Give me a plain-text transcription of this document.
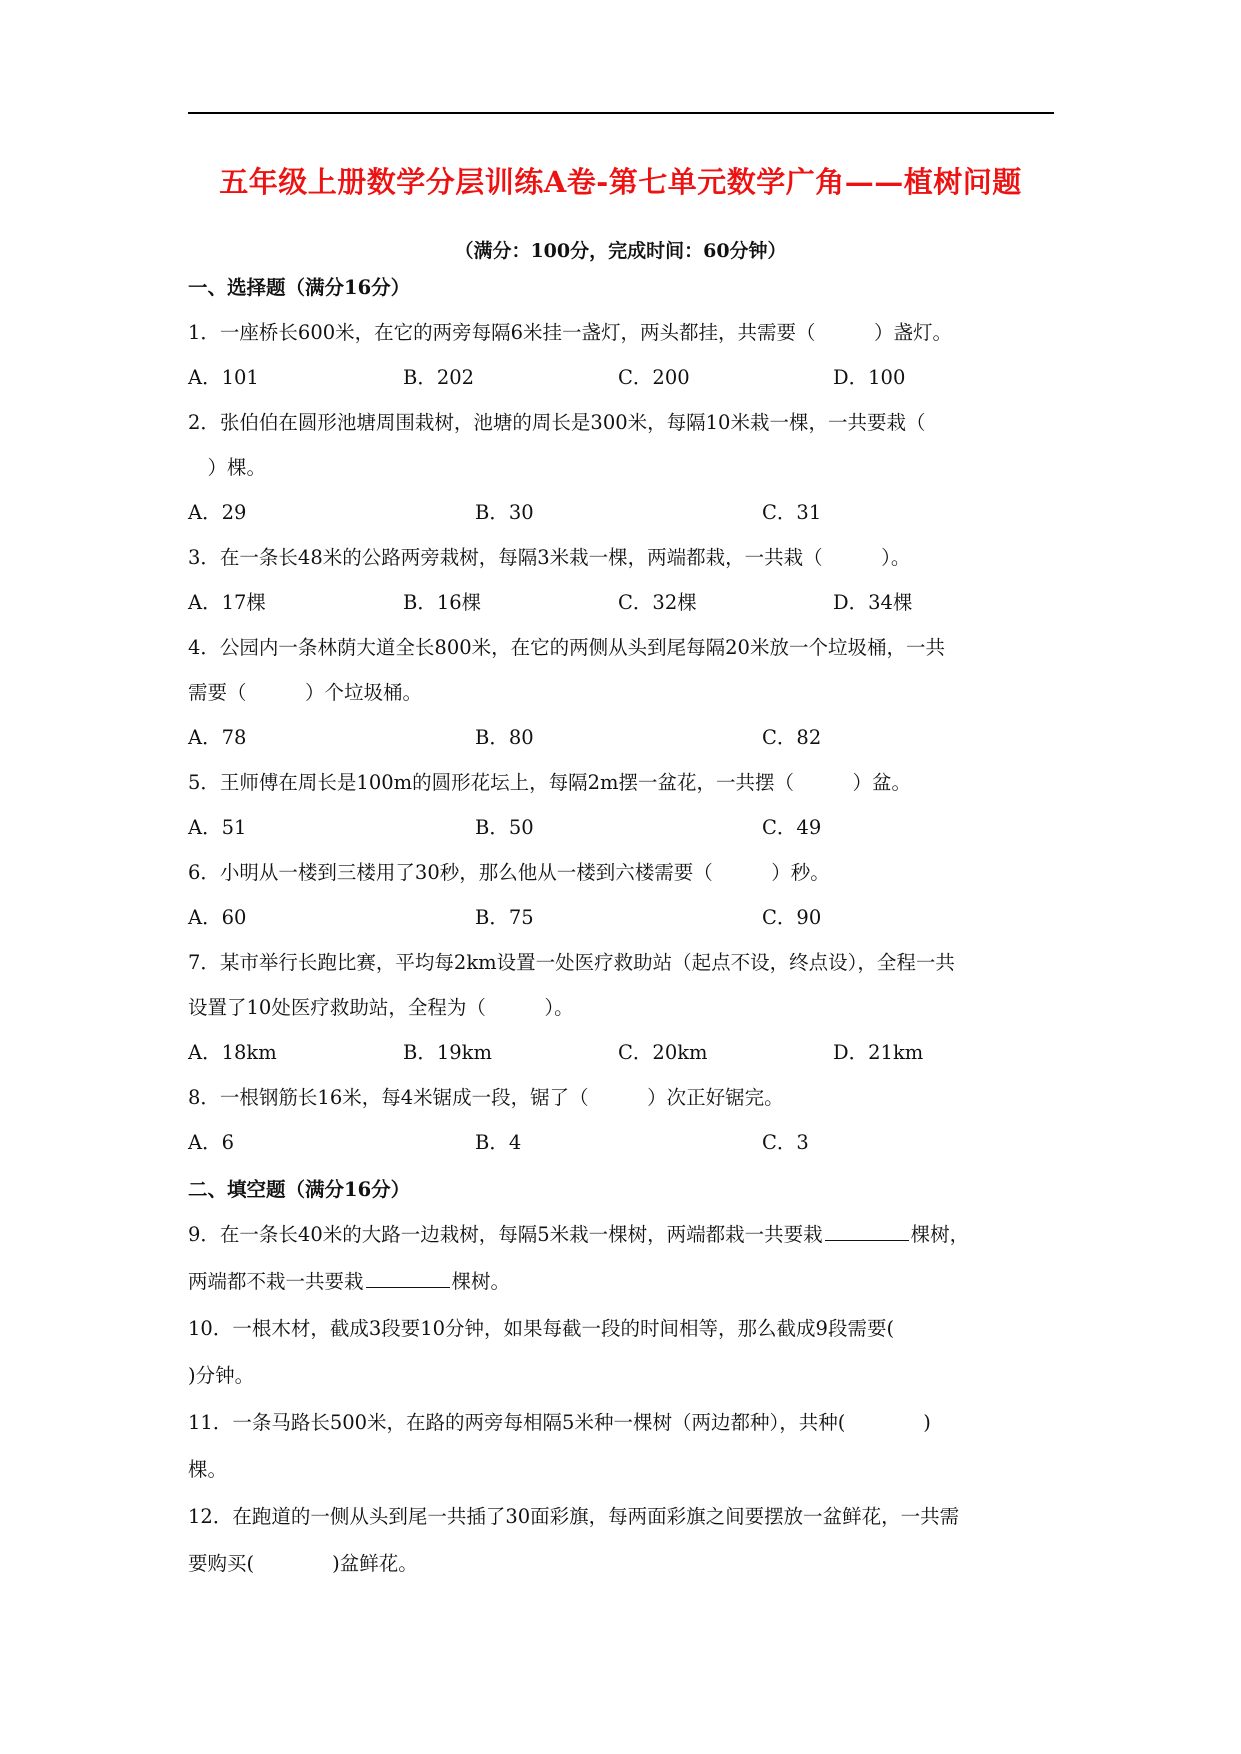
五年级上册数学分层训练A卷-第七单元数学广角——植树问题
（满分：100分，完成时间：60分钟）
一、选择题（满分16分）
1．一座桥长600米，在它的两旁每隔6米挂一盏灯，两头都挂，共需要（　　　）盏灯。
A．101	B．202	C．200	D．100
2．张伯伯在圆形池塘周围栽树，池塘的周长是300米，每隔10米栽一棵，一共要栽（
　）棵。
A．29	B．30	C．31
3．在一条长48米的公路两旁栽树，每隔3米栽一棵，两端都栽，一共栽（　　　）。
A．17棵	B．16棵	C．32棵	D．34棵
4．公园内一条林荫大道全长800米，在它的两侧从头到尾每隔20米放一个垃圾桶，一共
需要（　　　）个垃圾桶。
A．78	B．80	C．82
5．王师傅在周长是100m的圆形花坛上，每隔2m摆一盆花，一共摆（　　　）盆。
A．51	B．50	C．49
6．小明从一楼到三楼用了30秒，那么他从一楼到六楼需要（　　　）秒。
A．60	B．75	C．90
7．某市举行长跑比赛，平均每2km设置一处医疗救助站（起点不设，终点设），全程一共
设置了10处医疗救助站，全程为（　　　）。
A．18km	B．19km	C．20km	D．21km
8．一根钢筋长16米，每4米锯成一段，锯了（　　　）次正好锯完。
A．6	B．4	C．3
二、填空题（满分16分）
9．在一条长40米的大路一边栽树，每隔5米栽一棵树，两端都栽一共要栽	棵树，
两端都不栽一共要栽	棵树。
10．一根木材，截成3段要10分钟，如果每截一段的时间相等，那么截成9段需要(
)分钟。
11．一条马路长500米，在路的两旁每相隔5米种一棵树（两边都种），共种(　　　　)
棵。
12．在跑道的一侧从头到尾一共插了30面彩旗，每两面彩旗之间要摆放一盆鲜花，一共需
要购买(　　　　)盆鲜花。
